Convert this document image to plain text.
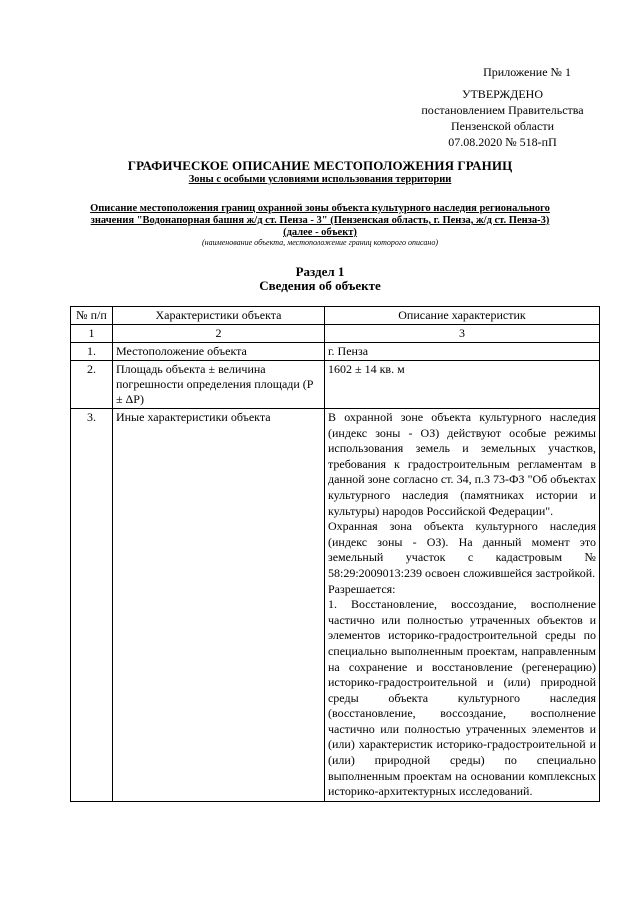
Приложение № 1
УТВЕРЖДЕНО
постановлением Правительства
Пензенской области
07.08.2020 № 518-пП
ГРАФИЧЕСКОЕ ОПИСАНИЕ МЕСТОПОЛОЖЕНИЯ ГРАНИЦ
Зоны с особыми условиями использования территории
Описание местоположения границ охранной зоны объекта культурного наследия регионального
значения "Водонапорная башня ж/д ст. Пенза - 3" (Пензенская область, г. Пенза, ж/д ст. Пенза-3)
(далее - объект)
(наименование объекта, местоположение границ которого описано)
Раздел 1
Сведения об объекте
№ п/п	Характеристики объекта	Описание характеристик
1	2	3
1.	Местоположение объекта	г. Пенза
2.	Площадь объекта ± величина погрешности определения площади (P ± ΔP)	1602 ± 14 кв. м
3.	Иные характеристики объекта	В охранной зоне объекта культурного наследия (индекс зоны - ОЗ) действуют особые режимы использования земель и земельных участков, требования к градостроительным регламентам в данной зоне согласно ст. 34, п.3 73-ФЗ "Об объектах культурного наследия (памятниках истории и культуры) народов Российской Федерации".
Охранная зона объекта культурного наследия (индекс зоны - ОЗ). На данный момент это земельный участок с кадастровым № 58:29:2009013:239 освоен сложившейся застройкой.
Разрешается:
1. Восстановление, воссоздание, восполнение частично или полностью утраченных объектов и элементов историко-градостроительной среды по специально выполненным проектам, направленным на сохранение и восстановление (регенерацию) историко-градостроительной и (или) природной среды объекта культурного наследия (восстановление, воссоздание, восполнение частично или полностью утраченных элементов и (или) характеристик историко-градостроительной и (или) природной среды) по специально выполненным проектам на основании комплексных историко-архитектурных исследований.
